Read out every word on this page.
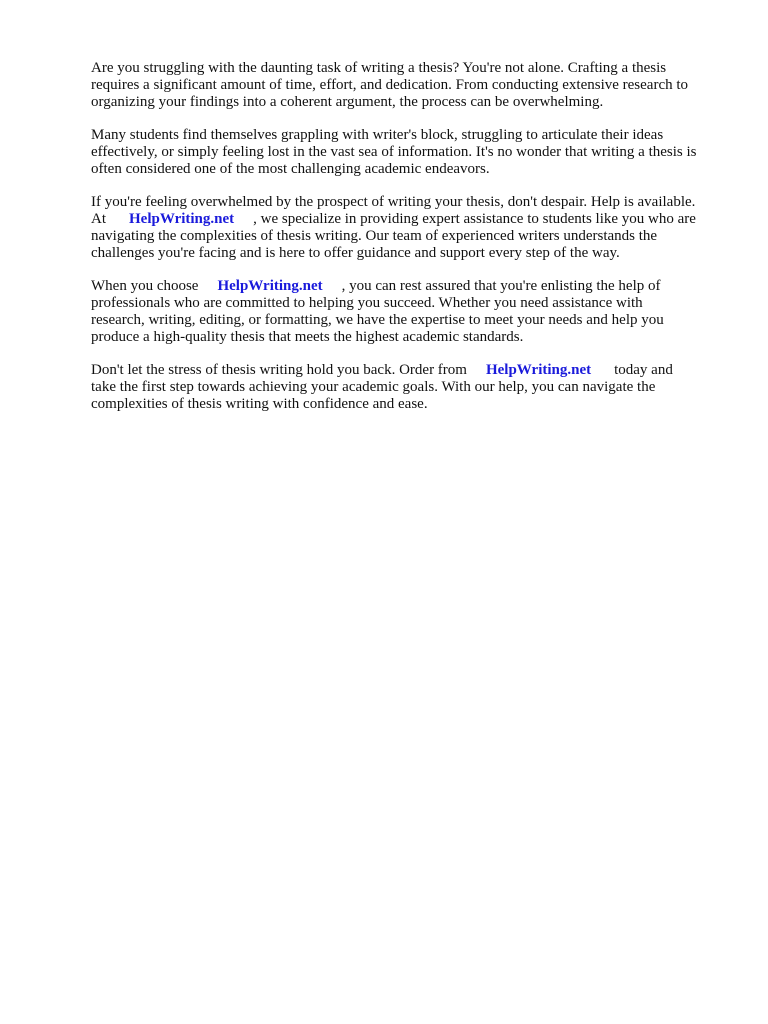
Are you struggling with the daunting task of writing a thesis? You're not alone. Crafting a thesis
requires a significant amount of time, effort, and dedication. From conducting extensive research to
organizing your findings into a coherent argument, the process can be overwhelming.
Many students find themselves grappling with writer's block, struggling to articulate their ideas
effectively, or simply feeling lost in the vast sea of information. It's no wonder that writing a thesis is
often considered one of the most challenging academic endeavors.
If you're feeling overwhelmed by the prospect of writing your thesis, don't despair. Help is available.
At HelpWriting.net , we specialize in providing expert assistance to students like you who are
navigating the complexities of thesis writing. Our team of experienced writers understands the
challenges you're facing and is here to offer guidance and support every step of the way.
When you choose HelpWriting.net , you can rest assured that you're enlisting the help of
professionals who are committed to helping you succeed. Whether you need assistance with
research, writing, editing, or formatting, we have the expertise to meet your needs and help you
produce a high-quality thesis that meets the highest academic standards.
Don't let the stress of thesis writing hold you back. Order from HelpWriting.net today and
take the first step towards achieving your academic goals. With our help, you can navigate the
complexities of thesis writing with confidence and ease.
